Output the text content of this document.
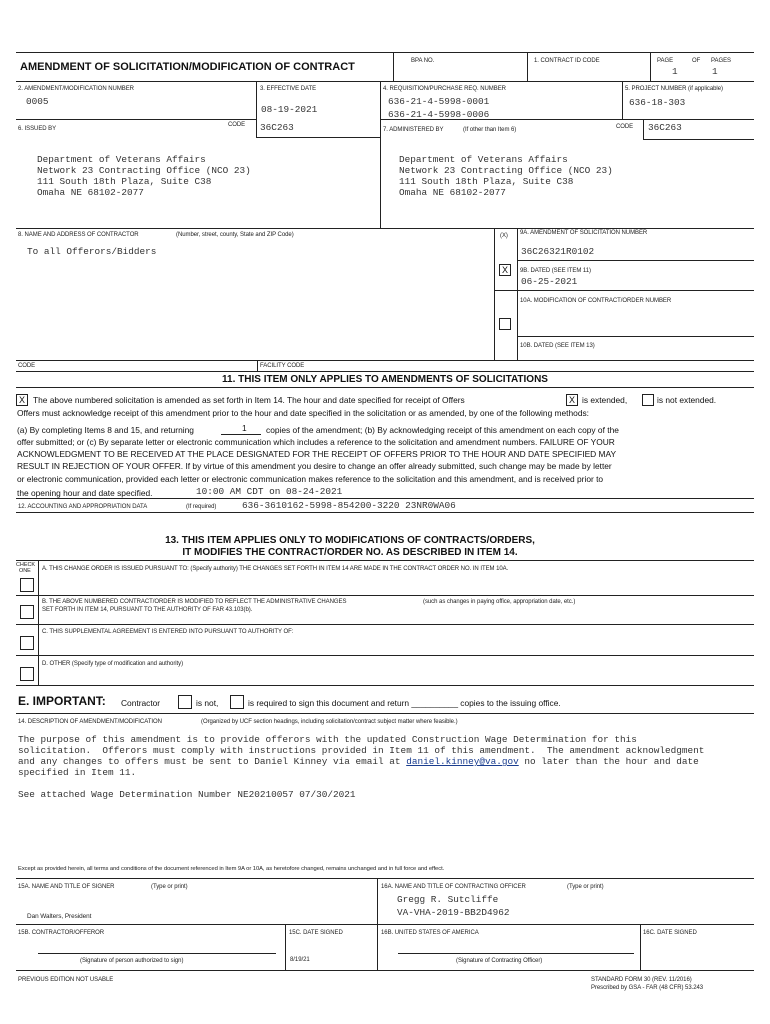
AMENDMENT OF SOLICITATION/MODIFICATION OF CONTRACT	BPA NO.	1. CONTRACT ID CODE	PAGE	OF PAGES
1	1
2. AMENDMENT/MODIFICATION NUMBER
0005
3. EFFECTIVE DATE
08-19-2021
4. REQUISITION/PURCHASE REQ. NUMBER
636-21-4-5998-0001
636-21-4-5998-0006
5. PROJECT NUMBER (if applicable)
636-18-303
6. ISSUED BY
CODE 36C263	7. ADMINISTERED BY	(If other than Item 6)	CODE 36C263
Department of Veterans Affairs
Network 23 Contracting Office (NCO 23)
111 South 18th Plaza, Suite C38
Omaha NE 68102-2077
Department of Veterans Affairs
Network 23 Contracting Office (NCO 23)
111 South 18th Plaza, Suite C38
Omaha NE 68102-2077
8. NAME AND ADDRESS OF CONTRACTOR	(Number, street, county, State and ZIP Code)
To all Offerors/Bidders
(X) 9A. AMENDMENT OF SOLICITATION NUMBER
36C26321R0102
X	9B. DATED (SEE ITEM 11)
06-25-2021
10A. MODIFICATION OF CONTRACT/ORDER NUMBER
10B. DATED (SEE ITEM 13)
CODE	FACILITY CODE
11. THIS ITEM ONLY APPLIES TO AMENDMENTS OF SOLICITATIONS
X The above numbered solicitation is amended as set forth in Item 14. The hour and date specified for receipt of Offers	X is extended,	is not extended.
Offers must acknowledge receipt of this amendment prior to the hour and date specified in the solicitation or as amended, by one of the following methods:
(a) By completing Items 8 and 15, and returning	1 copies of the amendment; (b) By acknowledging receipt of this amendment on each copy of the
offer submitted; or (c) By separate letter or electronic communication which includes a reference to the solicitation and amendment numbers. FAILURE OF YOUR
ACKNOWLEDGMENT TO BE RECEIVED AT THE PLACE DESIGNATED FOR THE RECEIPT OF OFFERS PRIOR TO THE HOUR AND DATE SPECIFIED MAY
RESULT IN REJECTION OF YOUR OFFER. If by virtue of this amendment you desire to change an offer already submitted, such change may be made by letter
or electronic communication, provided each letter or electronic communication makes reference to the solicitation and this amendment, and is received prior to
the opening hour and date specified.	10:00 AM CDT on 08-24-2021
12. ACCOUNTING AND APPROPRIATION DATA	(If required)	636-3610162-5998-854200-3220 23NR0WA06
13. THIS ITEM APPLIES ONLY TO MODIFICATIONS OF CONTRACTS/ORDERS,
IT MODIFIES THE CONTRACT/ORDER NO. AS DESCRIBED IN ITEM 14.
CHECK
ONE A. THIS CHANGE ORDER IS ISSUED PURSUANT TO: (Specify authority) THE CHANGES SET FORTH IN ITEM 14 ARE MADE IN THE CONTRACT ORDER NO. IN ITEM 10A.
B. THE ABOVE NUMBERED CONTRACT/ORDER IS MODIFIED TO REFLECT THE ADMINISTRATIVE CHANGES	(such as changes in paying office, appropriation date, etc.)
SET FORTH IN ITEM 14, PURSUANT TO THE AUTHORITY OF FAR 43.103(b).
C. THIS SUPPLEMENTAL AGREEMENT IS ENTERED INTO PURSUANT TO AUTHORITY OF:
D. OTHER (Specify type of modification and authority)
E. IMPORTANT: Contractor	is not,	is required to sign this document and return __________ copies to the issuing office.
14. DESCRIPTION OF AMENDMENT/MODIFICATION	(Organized by UCF section headings, including solicitation/contract subject matter where feasible.)
The purpose of this amendment is to provide offerors with the updated Construction Wage Determination for this
solicitation.  Offerors must comply with instructions provided in Item 11 of this amendment.  The amendment acknowledgment
and any changes to offers must be sent to Daniel Kinney via email at daniel.kinney@va.gov no later than the hour and date
specified in Item 11.
See attached Wage Determination Number NE20210057 07/30/2021
Except as provided herein, all terms and conditions of the document referenced in Item 9A or 10A, as heretofore changed, remains unchanged and in full force and effect.
15A. NAME AND TITLE OF SIGNER	(Type or print)
Dan Walters, President
16A. NAME AND TITLE OF CONTRACTING OFFICER	(Type or print)
Gregg R. Sutcliffe
VA-VHA-2019-BB2D4962
15B. CONTRACTOR/OFFEROR	15C. DATE SIGNED	16B. UNITED STATES OF AMERICA	16C. DATE SIGNED
(Signature of person authorized to sign)	8/19/21	(Signature of Contracting Officer)
PREVIOUS EDITION NOT USABLE	STANDARD FORM 30 (REV. 11/2016)
Prescribed by GSA - FAR (48 CFR) 53.243
